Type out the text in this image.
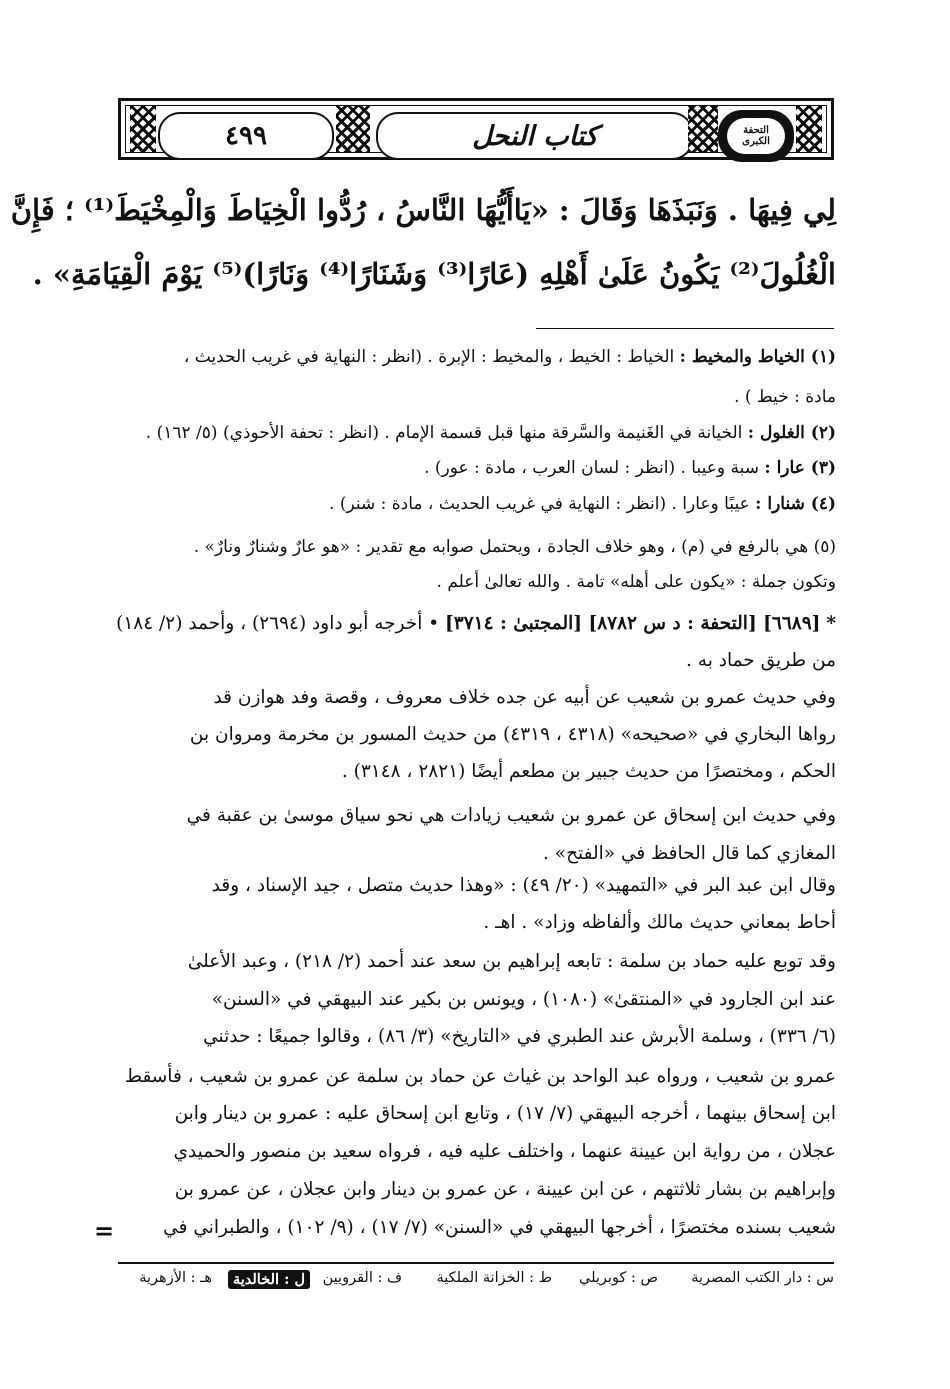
٤٩٩	كتاب النحل	التحفة
الكبرى
لِي فِيهَا . وَنَبَذَهَا وَقَالَ : «يَاأَيُّهَا النَّاسُ ، رُدُّوا الْخِيَاطَ وَالْمِخْيَطَ⁽¹⁾ ؛ فَإِنَّ
الْغُلُولَ⁽²⁾ يَكُونُ عَلَىٰ أَهْلِهِ (عَارًا⁽³⁾ وَشَنَارًا⁽⁴⁾ وَنَارًا)⁽⁵⁾ يَوْمَ الْقِيَامَةِ» .
(١) الخياط والمخيط : الخياط : الخيط ، والمخيط : الإبرة . (انظر : النهاية في غريب الحديث ،
مادة : خيط ) .
(٢) الغلول : الخيانة في الغَنيمة والسَّرقة منها قبل قسمة الإمام . (انظر : تحفة الأحوذي) (٥/ ١٦٢) .
(٣) عارا : سبة وعيبا . (انظر : لسان العرب ، مادة : عور) .
(٤) شنارا : عيبًا وعارا . (انظر : النهاية في غريب الحديث ، مادة : شنر) .
(٥) هي بالرفع في (م) ، وهو خلاف الجادة ، ويحتمل صوابه مع تقدير : «هو عارٌ وشنارٌ ونارٌ» .
وتكون جملة : «يكون على أهله» تامة . والله تعالىٰ أعلم .
* [٦٦٨٩] [التحفة : د س ٨٧٨٢] [المجتبىٰ : ٣٧١٤] • أخرجه أبو داود (٢٦٩٤) ، وأحمد (٢/ ١٨٤)
من طريق حماد به .
وفي حديث عمرو بن شعيب عن أبيه عن جده خلاف معروف ، وقصة وفد هوازن قد
رواها البخاري في «صحيحه» (٤٣١٨ ، ٤٣١٩) من حديث المسور بن مخرمة ومروان بن
الحكم ، ومختصرًا من حديث جبير بن مطعم أيضًا (٢٨٢١ ، ٣١٤٨) .
وفي حديث ابن إسحاق عن عمرو بن شعيب زيادات هي نحو سياق موسىٰ بن عقبة في
المغازي كما قال الحافظ في «الفتح» .
وقال ابن عبد البر في «التمهيد» (٢٠/ ٤٩) : «وهذا حديث متصل ، جيد الإسناد ، وقد
أحاط بمعاني حديث مالك وألفاظه وزاد» . اهـ .
وقد توبع عليه حماد بن سلمة : تابعه إبراهيم بن سعد عند أحمد (٢/ ٢١٨) ، وعبد الأعلىٰ
عند ابن الجارود في «المنتقىٰ» (١٠٨٠) ، ويونس بن بكير عند البيهقي في «السنن»
(٦/ ٣٣٦) ، وسلمة الأبرش عند الطبري في «التاريخ» (٣/ ٨٦) ، وقالوا جميعًا : حدثني
عمرو بن شعيب ، ورواه عبد الواحد بن غياث عن حماد بن سلمة عن عمرو بن شعيب ، فأسقط
ابن إسحاق بينهما ، أخرجه البيهقي (٧/ ١٧) ، وتابع ابن إسحاق عليه : عمرو بن دينار وابن
عجلان ، من رواية ابن عيينة عنهما ، واختلف عليه فيه ، فرواه سعيد بن منصور والحميدي
وإبراهيم بن بشار ثلاثتهم ، عن ابن عيينة ، عن عمرو بن دينار وابن عجلان ، عن عمرو بن
شعيب بسنده مختصرًا ، أخرجها البيهقي في «السنن» (٧/ ١٧) ، (٩/ ١٠٢) ، والطبراني في
=
س : دار الكتب المصرية
ص : كوبريلي
ط : الخزانة الملكية
ف : القرويين
ل : الخالدية
هـ : الأزهرية
